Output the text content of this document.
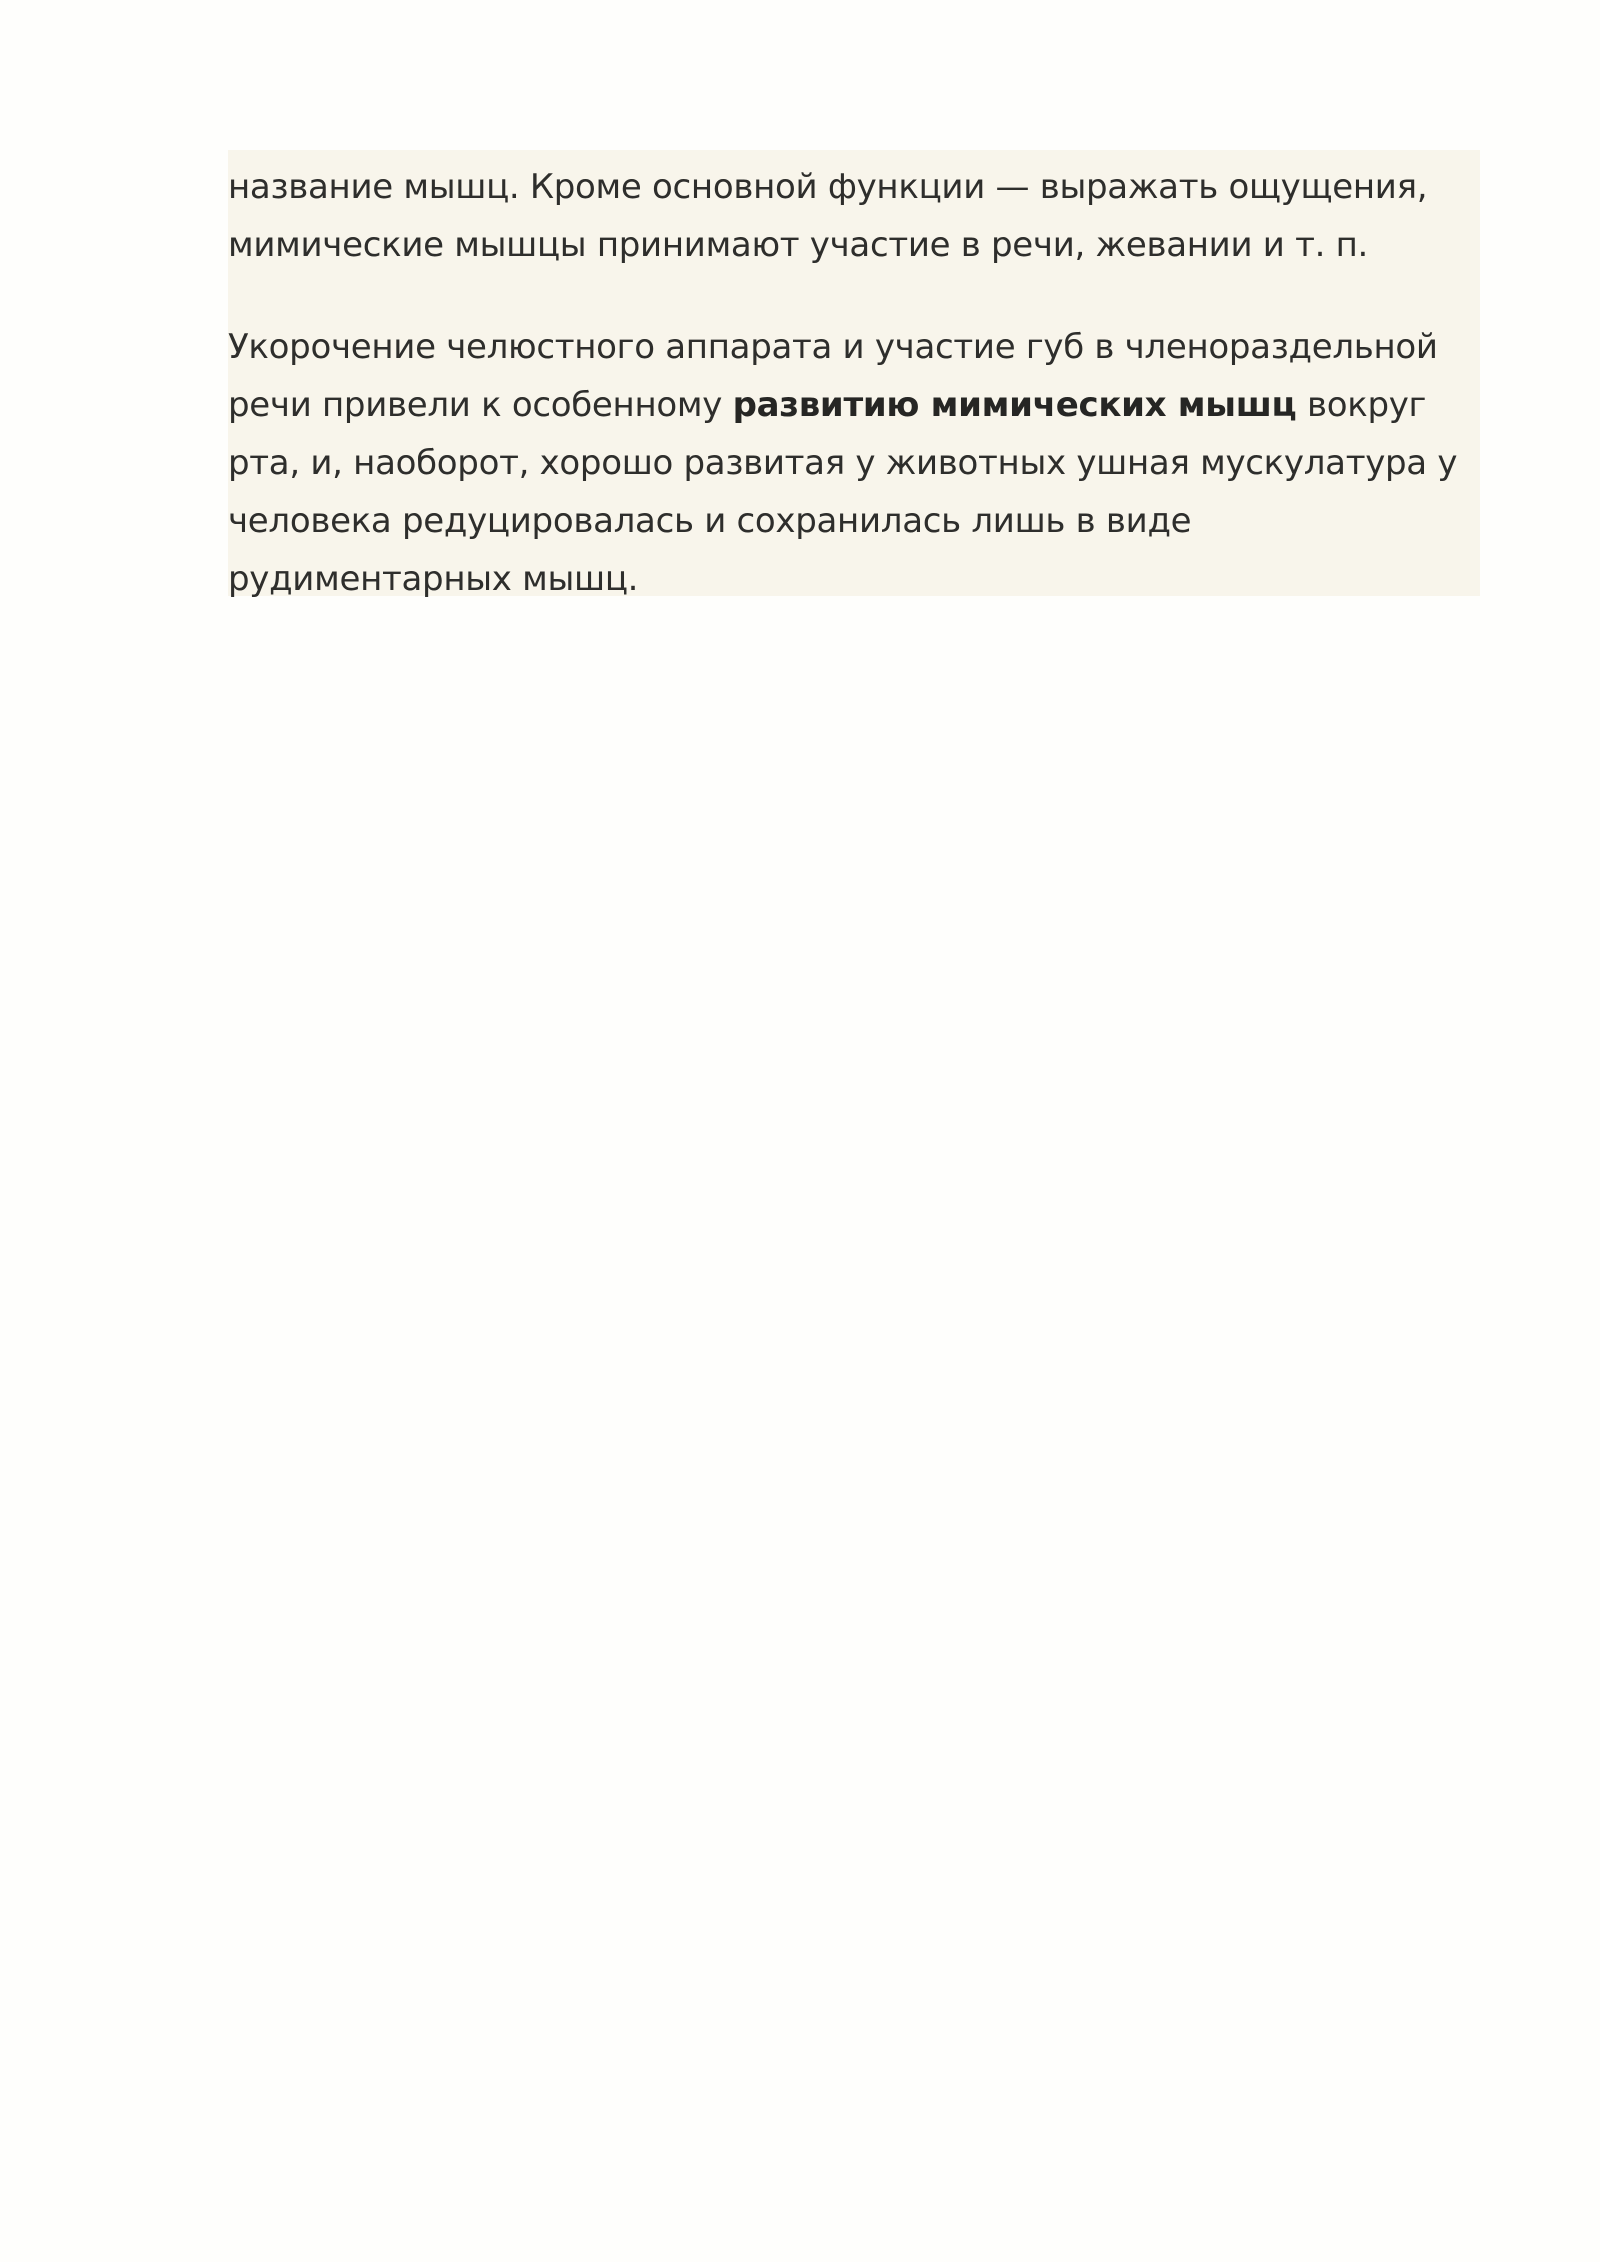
название мышц. Кроме основной функции — выражать ощущения,
мимические мышцы принимают участие в речи, жевании и т. п.

Укорочение челюстного аппарата и участие губ в членораздельной
речи привели к особенному развитию мимических мышц вокруг
рта, и, наоборот, хорошо развитая у животных ушная мускулатура у
человека редуцировалась и сохранилась лишь в виде
рудиментарных мышц.
